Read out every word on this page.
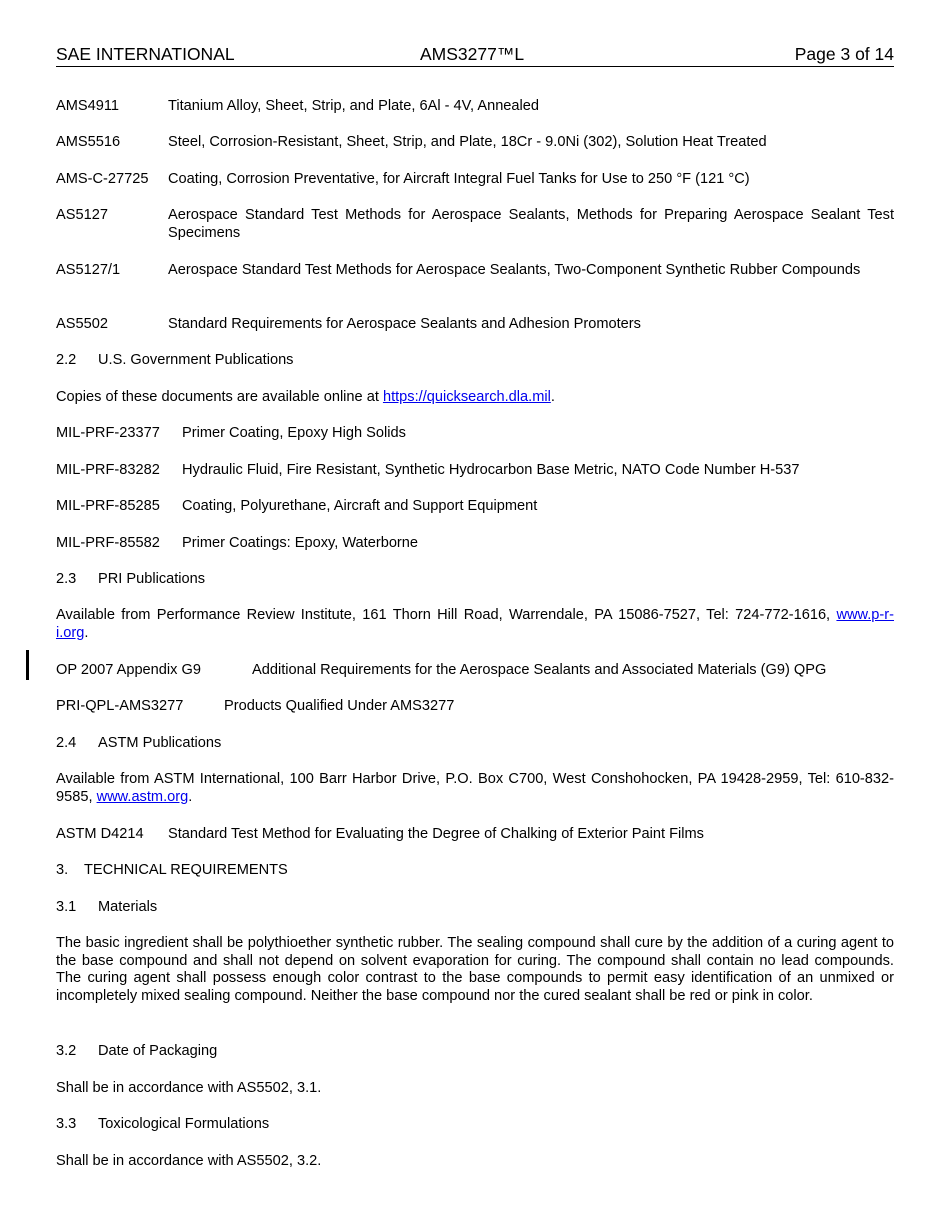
SAE INTERNATIONAL	AMS3277™L	Page 3 of 14
AMS4911	Titanium Alloy, Sheet, Strip, and Plate, 6Al - 4V, Annealed
AMS5516	Steel, Corrosion-Resistant, Sheet, Strip, and Plate, 18Cr - 9.0Ni (302), Solution Heat Treated
AMS-C-27725 Coating, Corrosion Preventative, for Aircraft Integral Fuel Tanks for Use to 250 °F (121 °C)
AS5127	Aerospace Standard Test Methods for Aerospace Sealants, Methods for Preparing Aerospace Sealant Test Specimens
AS5127/1	Aerospace Standard Test Methods for Aerospace Sealants, Two-Component Synthetic Rubber Compounds
AS5502	Standard Requirements for Aerospace Sealants and Adhesion Promoters
2.2 U.S. Government Publications
Copies of these documents are available online at https://quicksearch.dla.mil.
MIL-PRF-23377 Primer Coating, Epoxy High Solids
MIL-PRF-83282 Hydraulic Fluid, Fire Resistant, Synthetic Hydrocarbon Base Metric, NATO Code Number H-537
MIL-PRF-85285 Coating, Polyurethane, Aircraft and Support Equipment
MIL-PRF-85582 Primer Coatings: Epoxy, Waterborne
2.3 PRI Publications
Available from Performance Review Institute, 161 Thorn Hill Road, Warrendale, PA 15086-7527, Tel: 724-772-1616, www.p-r-i.org.
OP 2007 Appendix G9	Additional Requirements for the Aerospace Sealants and Associated Materials (G9) QPG
PRI-QPL-AMS3277	Products Qualified Under AMS3277
2.4 ASTM Publications
Available from ASTM International, 100 Barr Harbor Drive, P.O. Box C700, West Conshohocken, PA 19428-2959, Tel: 610-832-9585, www.astm.org.
ASTM D4214 Standard Test Method for Evaluating the Degree of Chalking of Exterior Paint Films
3. TECHNICAL REQUIREMENTS
3.1 Materials
The basic ingredient shall be polythioether synthetic rubber. The sealing compound shall cure by the addition of a curing agent to the base compound and shall not depend on solvent evaporation for curing. The compound shall contain no lead compounds. The curing agent shall possess enough color contrast to the base compounds to permit easy identification of an unmixed or incompletely mixed sealing compound. Neither the base compound nor the cured sealant shall be red or pink in color.
3.2 Date of Packaging
Shall be in accordance with AS5502, 3.1.
3.3 Toxicological Formulations
Shall be in accordance with AS5502, 3.2.
